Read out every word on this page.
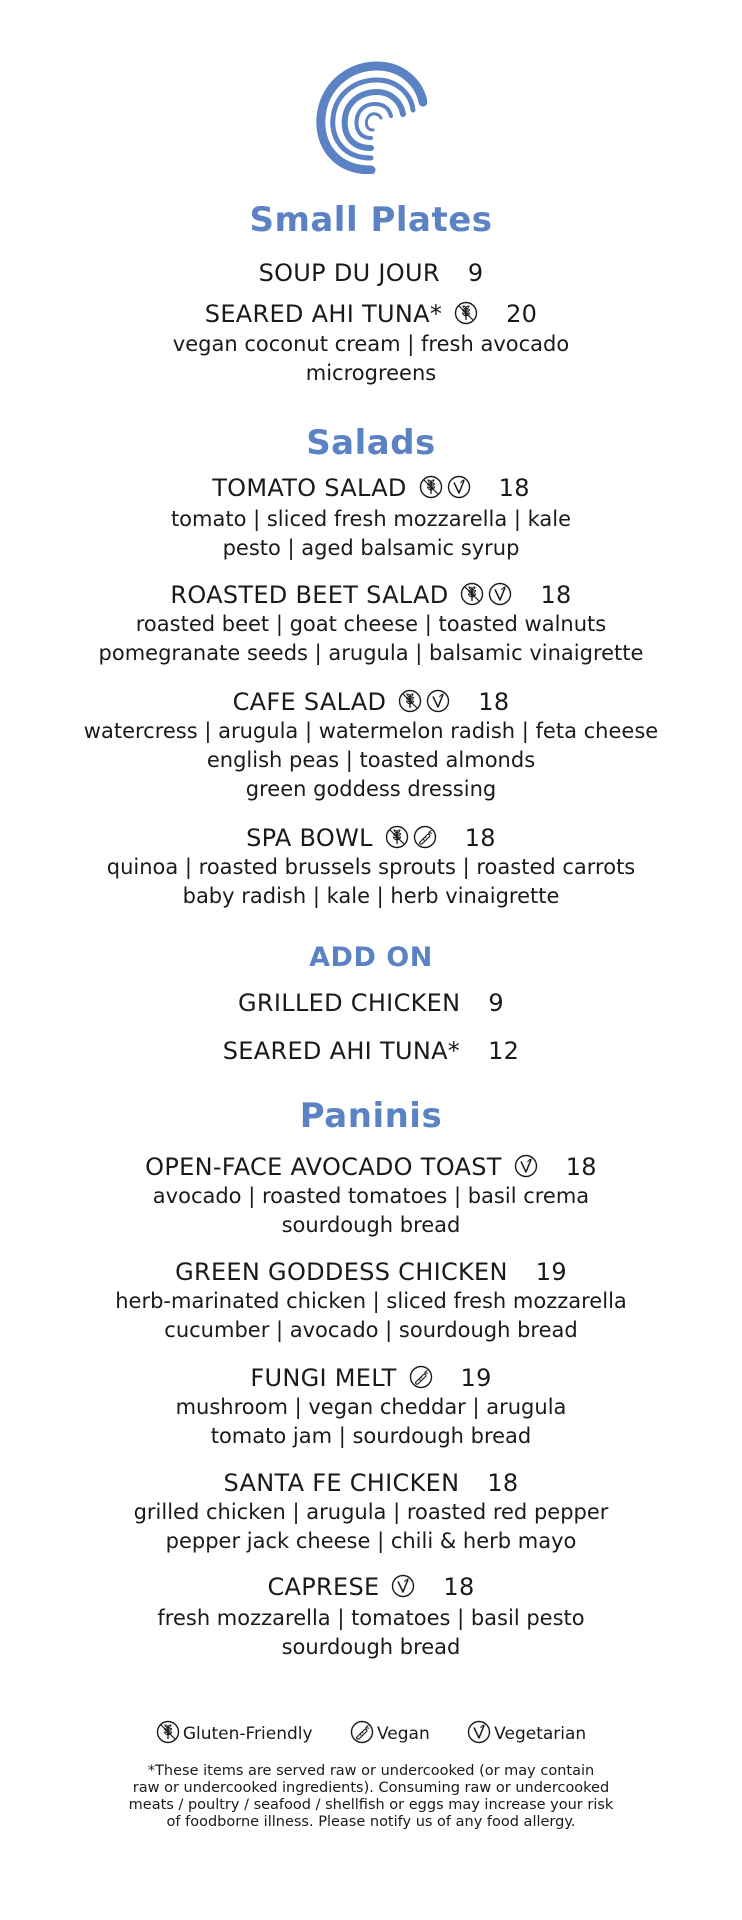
Small Plates
SOUP DU JOUR 9
SEARED AHI TUNA*	20
vegan coconut cream | fresh avocado
microgreens
Salads
TOMATO SALAD	18
tomato | sliced fresh mozzarella | kale
pesto | aged balsamic syrup
ROASTED BEET SALAD	18
roasted beet | goat cheese | toasted walnuts
pomegranate seeds | arugula | balsamic vinaigrette
CAFE SALAD	18
watercress | arugula | watermelon radish | feta cheese
english peas | toasted almonds
green goddess dressing
SPA BOWL	18
quinoa | roasted brussels sprouts | roasted carrots
baby radish | kale | herb vinaigrette
ADD ON
GRILLED CHICKEN 9
SEARED AHI TUNA* 12
Paninis
OPEN-FACE AVOCADO TOAST	18
avocado | roasted tomatoes | basil crema
sourdough bread
GREEN GODDESS CHICKEN 19
herb-marinated chicken | sliced fresh mozzarella
cucumber | avocado | sourdough bread
FUNGI MELT	19
mushroom | vegan cheddar | arugula
tomato jam | sourdough bread
SANTA FE CHICKEN 18
grilled chicken | arugula | roasted red pepper
pepper jack cheese | chili & herb mayo
CAPRESE	18
fresh mozzarella | tomatoes | basil pesto
sourdough bread
Gluten-Friendly	Vegan	Vegetarian
*These items are served raw or undercooked (or may contain
raw or undercooked ingredients). Consuming raw or undercooked
meats / poultry / seafood / shellfish or eggs may increase your risk
of foodborne illness. Please notify us of any food allergy.
